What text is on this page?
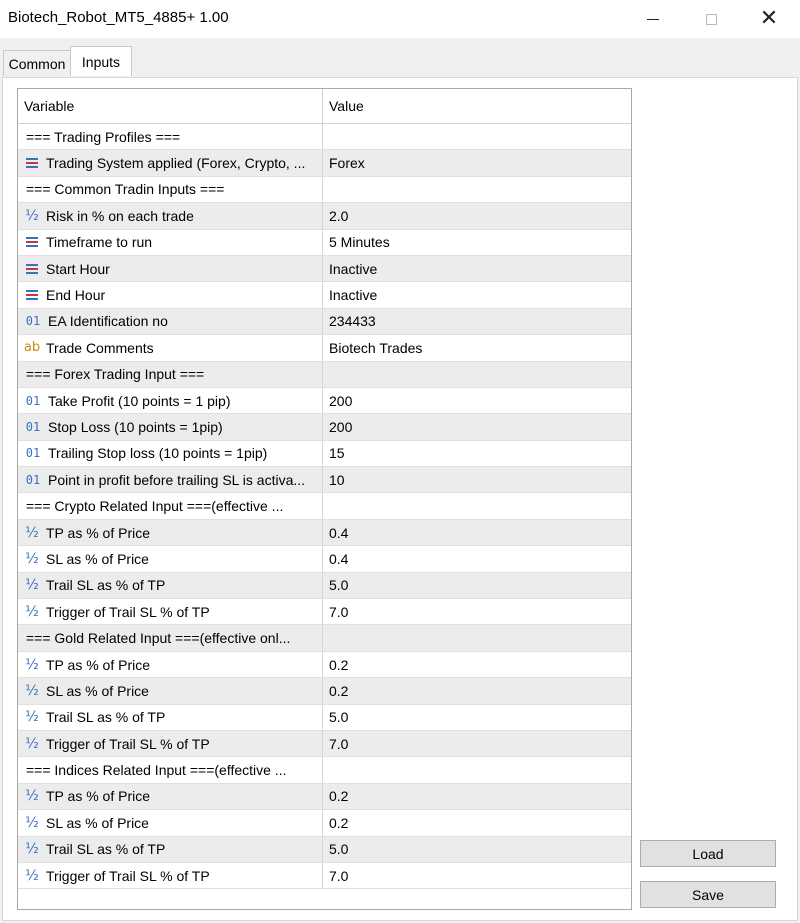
Biotech_Robot_MT5_4885+ 1.00	✕
Common	Inputs
Variable	Value
=== Trading Profiles ===
Trading System applied (Forex, Crypto, ...	Forex
=== Common Tradin Inputs ===
½ Risk in % on each trade	2.0
Timeframe to run	5 Minutes
Start Hour	Inactive
End Hour	Inactive
01 EA Identification no	234433
ab Trade Comments	Biotech Trades
=== Forex Trading Input ===
01 Take Profit (10 points = 1 pip)	200
01 Stop Loss (10 points = 1pip)	200
01 Trailing Stop loss (10 points = 1pip)	15
01 Point in profit before trailing SL is activa...	10
=== Crypto Related Input ===(effective ...
½ TP as % of Price	0.4
½ SL as % of Price	0.4
½ Trail SL as % of TP	5.0
½ Trigger of Trail SL % of TP	7.0
=== Gold Related Input ===(effective onl...
½ TP as % of Price	0.2
½ SL as % of Price	0.2
½ Trail SL as % of TP	5.0
½ Trigger of Trail SL % of TP	7.0
=== Indices Related Input ===(effective ...
½ TP as % of Price	0.2
½ SL as % of Price	0.2
½ Trail SL as % of TP	5.0
½ Trigger of Trail SL % of TP	7.0
Load
Save
